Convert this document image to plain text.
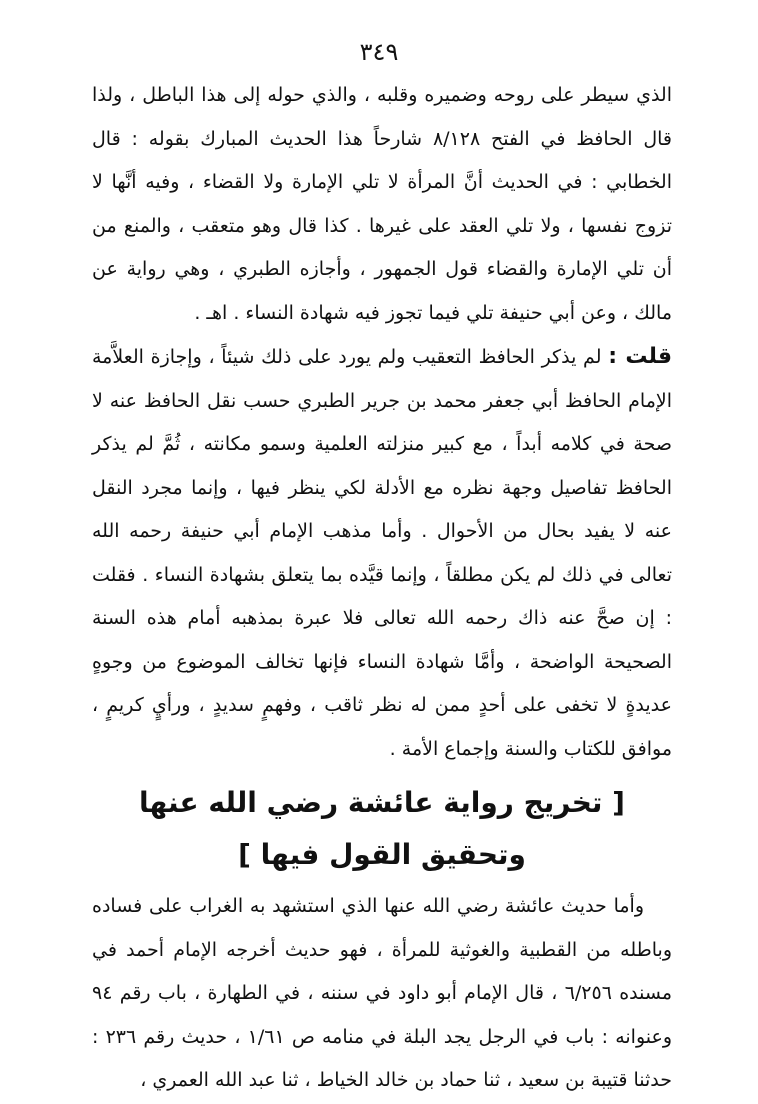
٣٤٩

الذي سيطر على روحه وضميره وقلبه ، والذي حوله إلى هذا الباطل ، ولذا قال الحافظ في الفتح ٨/١٢٨ شارحاً هذا الحديث المبارك بقوله : قال الخطابي : في الحديث أنَّ المرأة لا تلي الإمارة ولا القضاء ، وفيه أنَّها لا تزوج نفسها ، ولا تلي العقد على غيرها . كذا قال وهو متعقب ، والمنع من أن تلي الإمارة والقضاء قول الجمهور ، وأجازه الطبري ، وهي رواية عن مالك ، وعن أبي حنيفة تلي فيما تجوز فيه شهادة النساء . اهـ .

قلت : لم يذكر الحافظ التعقيب ولم يورد على ذلك شيئاً ، وإجازة العلاَّمة الإمام الحافظ أبي جعفر محمد بن جرير الطبري حسب نقل الحافظ عنه لا صحة في كلامه أبداً ، مع كبير منزلته العلمية وسمو مكانته ، ثُمَّ لم يذكر الحافظ تفاصيل وجهة نظره مع الأدلة لكي ينظر فيها ، وإنما مجرد النقل عنه لا يفيد بحال من الأحوال . وأما مذهب الإمام أبي حنيفة رحمه الله تعالى في ذلك لم يكن مطلقاً ، وإنما قيَّده بما يتعلق بشهادة النساء . فقلت : إن صحَّ عنه ذاك رحمه الله تعالى فلا عبرة بمذهبه أمام هذه السنة الصحيحة الواضحة ، وأمَّا شهادة النساء فإنها تخالف الموضوع من وجوهٍ عديدةٍ لا تخفى على أحدٍ ممن له نظر ثاقب ، وفهمٍ سديدٍ ، ورأيٍ كريمٍ ، موافق للكتاب والسنة وإجماع الأمة .

[ تخريج رواية عائشة رضي الله عنها وتحقيق القول فيها ]

وأما حديث عائشة رضي الله عنها الذي استشهد به الغراب على فساده وباطله من القطبية والغوثية للمرأة ، فهو حديث أخرجه الإمام أحمد في مسنده ٦/٢٥٦ ، قال الإمام أبو داود في سننه ، في الطهارة ، باب رقم ٩٤ وعنوانه : باب في الرجل يجد البلة في منامه ص ١/٦١ ، حديث رقم ٢٣٦ : حدثنا قتيبة بن سعيد ، ثنا حماد بن خالد الخياط ، ثنا عبد الله العمري ،
